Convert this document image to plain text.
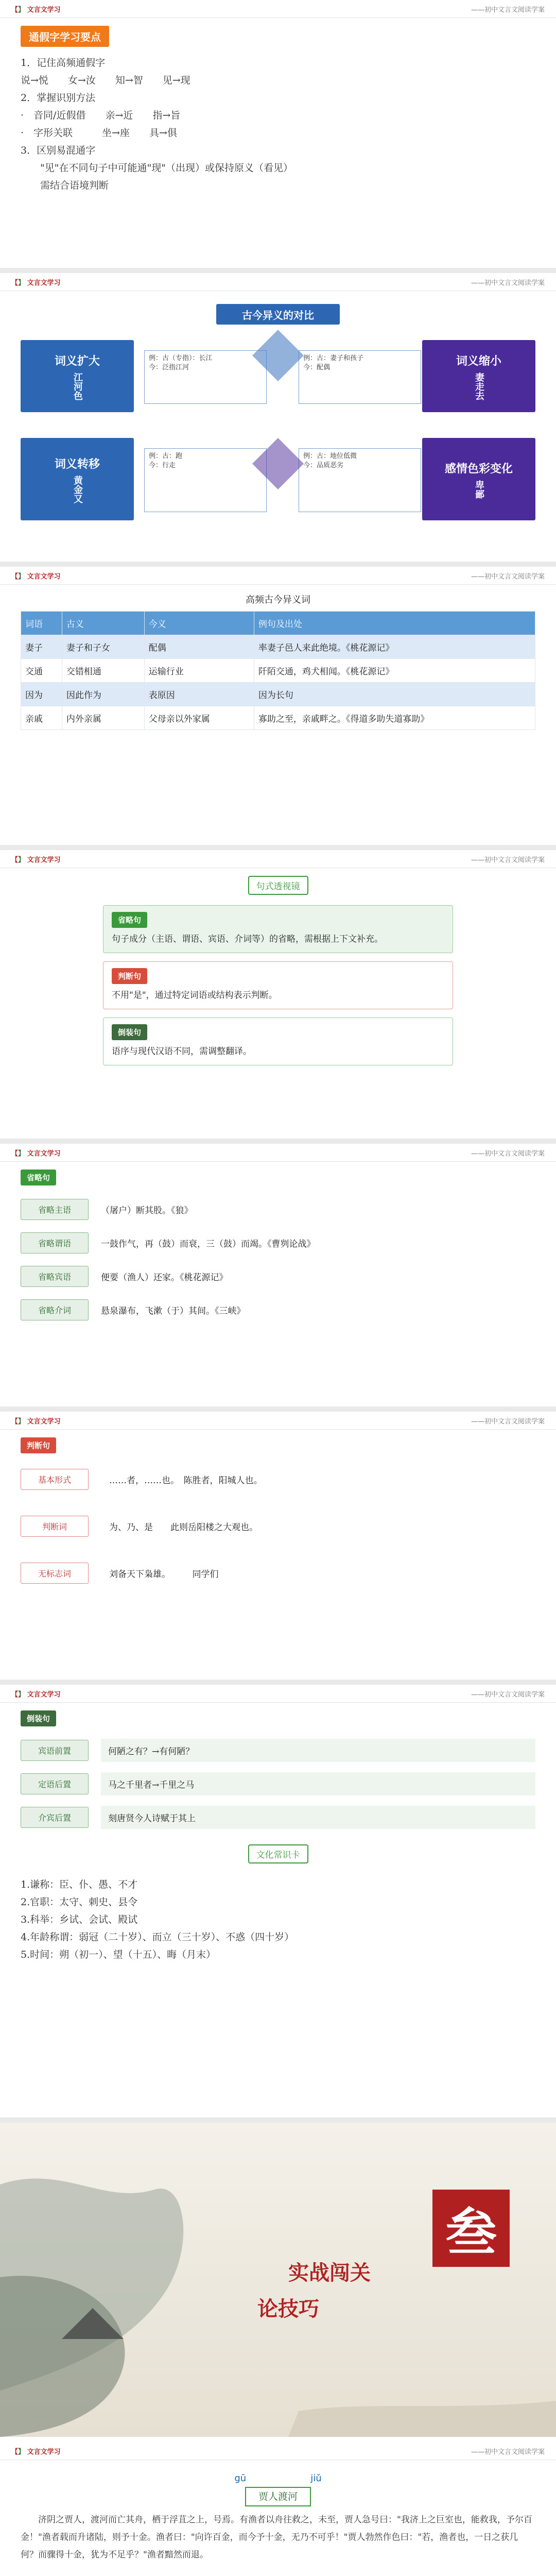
【】 文言文学习	——初中文言文阅读学案
通假字学习要点
1．记住高频通假字
说→悦　　女→汝　　知→智　　见→现
2．掌握识别方法
·　音同/近假借　　亲→近　　指→旨
·　字形关联　　　坐→座　　具→俱
3．区别易混通字
　　"见"在不同句子中可能通"现"（出现）或保持原义（看见）
　　需结合语境判断
【】 文言文学习	——初中文言文阅读学案
古今异义的对比
词义扩大
江河色
例：古（专指）：长江　
今：泛指江河	词义缩小
妻走去
例：古：妻子和孩子
今：配偶
词义转移
黄金又
例：古：跑　
今：行走	感情色彩变化
卑鄙
例：古：地位低微
今：品质恶劣
【】 文言文学习	——初中文言文阅读学案
高频古今异义词
词语	古义	今义	例句及出处
妻子	妻子和子女	配偶	率妻子邑人来此绝境。《桃花源记》
交通	交错相通	运输行业	阡陌交通，鸡犬相闻。《桃花源记》
因为	因此作为	表原因	因为长句
亲戚	内外亲属	父母亲以外家属	寡助之至，亲戚畔之。《得道多助失道寡助》
【】 文言文学习	——初中文言文阅读学案
句式透视镜
省略句
句子成分（主语、谓语、宾语、介词等）的省略，需根据上下文补充。
判断句
不用"是"，通过特定词语或结构表示判断。
倒装句
语序与现代汉语不同，需调整翻译。
【】 文言文学习	——初中文言文阅读学案
省略句
省略主语	（屠户）断其股。《狼》
省略谓语	一鼓作气，再（鼓）而衰，三（鼓）而竭。《曹刿论战》
省略宾语	便要（渔人）还家。《桃花源记》
省略介词	悬泉瀑布，飞漱（于）其间。《三峡》
【】 文言文学习	——初中文言文阅读学案
判断句
基本形式	……者，……也。　陈胜者，阳城人也。
判断词	为、乃、是　　此则岳阳楼之大观也。
无标志词	刘备天下枭雄。　　　同学们
【】 文言文学习	——初中文言文阅读学案
倒装句
宾语前置	何陋之有？→有何陋？
定语后置	马之千里者→千里之马
介宾后置	刻唐贤今人诗赋于其上
文化常识卡
1.谦称：臣、仆、愚、不才
2.官职：太守、刺史、县令
3.科举：乡试、会试、殿试
4.年龄称谓：弱冠（二十岁）、而立（三十岁）、不惑（四十岁）
5.时间：朔（初一）、望（十五）、晦（月末）
叁
实战闯关
论技巧
【】 文言文学习	——初中文言文阅读学案
gū	jiǔ
贾人渡河
济阴之贾人，渡河而亡其舟，栖于浮苴之上，号焉。有渔者以舟往救之，未至，贾人急号曰："我济上之巨室也，能救我，予尔百金！"渔者载而升诸陆，则予十金。渔者曰："向许百金，而今予十金，无乃不可乎！"贾人勃然作色曰："若，渔者也，一日之获几何？而骤得十金，犹为不足乎？"渔者黯然而退。
